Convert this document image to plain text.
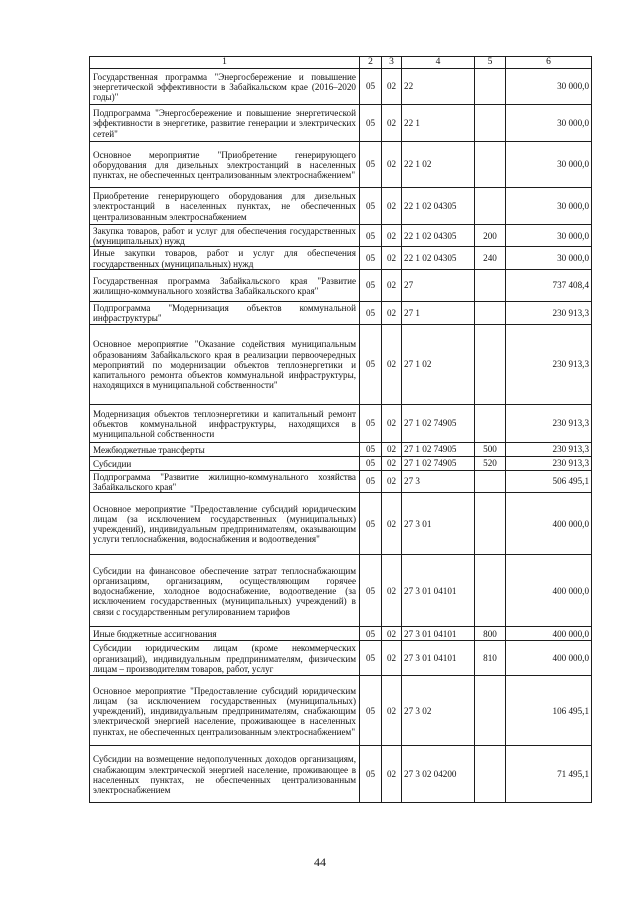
1	2	3	4	5	6
Государственная программа "Энергосбережение и повышение энергетической эффективности в Забайкальском крае (2016–2020 годы)"	05	02	22		30 000,0
Подпрограмма "Энергосбережение и повышение энергетической эффективности в энергетике, развитие генерации и электрических сетей"	05	02	22 1		30 000,0
Основное мероприятие "Приобретение генерирующего оборудования для дизельных электростанций в населенных пунктах, не обеспеченных централизованным электроснабжением"	05	02	22 1 02		30 000,0
Приобретение генерирующего оборудования для дизельных электростанций в населенных пунктах, не обеспеченных централизованным электроснабжением	05	02	22 1 02 04305		30 000,0
Закупка товаров, работ и услуг для обеспечения государственных (муниципальных) нужд	05	02	22 1 02 04305	200	30 000,0
Иные закупки товаров, работ и услуг для обеспечения государственных (муниципальных) нужд	05	02	22 1 02 04305	240	30 000,0
Государственная программа Забайкальского края "Развитие жилищно-коммунального хозяйства Забайкальского края"	05	02	27		737 408,4
Подпрограмма "Модернизация объектов коммунальной инфраструктуры"	05	02	27 1		230 913,3
Основное мероприятие "Оказание содействия муниципальным образованиям Забайкальского края в реализации первоочередных мероприятий по модернизации объектов теплоэнергетики и капитального ремонта объектов коммунальной инфраструктуры, находящихся в муниципальной собственности"	05	02	27 1 02		230 913,3
Модернизация объектов теплоэнергетики и капитальный ремонт объектов коммунальной инфраструктуры, находящихся в муниципальной собственности	05	02	27 1 02 74905		230 913,3
Межбюджетные трансферты	05	02	27 1 02 74905	500	230 913,3
Субсидии	05	02	27 1 02 74905	520	230 913,3
Подпрограмма "Развитие жилищно-коммунального хозяйства Забайкальского края"	05	02	27 3		506 495,1
Основное мероприятие "Предоставление субсидий юридическим лицам (за исключением государственных (муниципальных) учреждений), индивидуальным предпринимателям, оказывающим услуги теплоснабжения, водоснабжения и водоотведения"	05	02	27 3 01		400 000,0
Субсидии на финансовое обеспечение затрат теплоснабжающим организациям, организациям, осуществляющим горячее водоснабжение, холодное водоснабжение, водоотведение (за исключением государственных (муниципальных) учреждений) в связи с государственным регулированием тарифов	05	02	27 3 01 04101		400 000,0
Иные бюджетные ассигнования	05	02	27 3 01 04101	800	400 000,0
Субсидии юридическим лицам (кроме некоммерческих организаций), индивидуальным предпринимателям, физическим лицам – производителям товаров, работ, услуг	05	02	27 3 01 04101	810	400 000,0
Основное мероприятие "Предоставление субсидий юридическим лицам (за исключением государственных (муниципальных) учреждений), индивидуальным предпринимателям, снабжающим электрической энергией население, проживающее в населенных пунктах, не обеспеченных централизованным электроснабжением"	05	02	27 3 02		106 495,1
Субсидии на возмещение недополученных доходов организациям, снабжающим электрической энергией население, проживающее в населенных пунктах, не обеспеченных централизованным электроснабжением	05	02	27 3 02 04200		71 495,1
44
